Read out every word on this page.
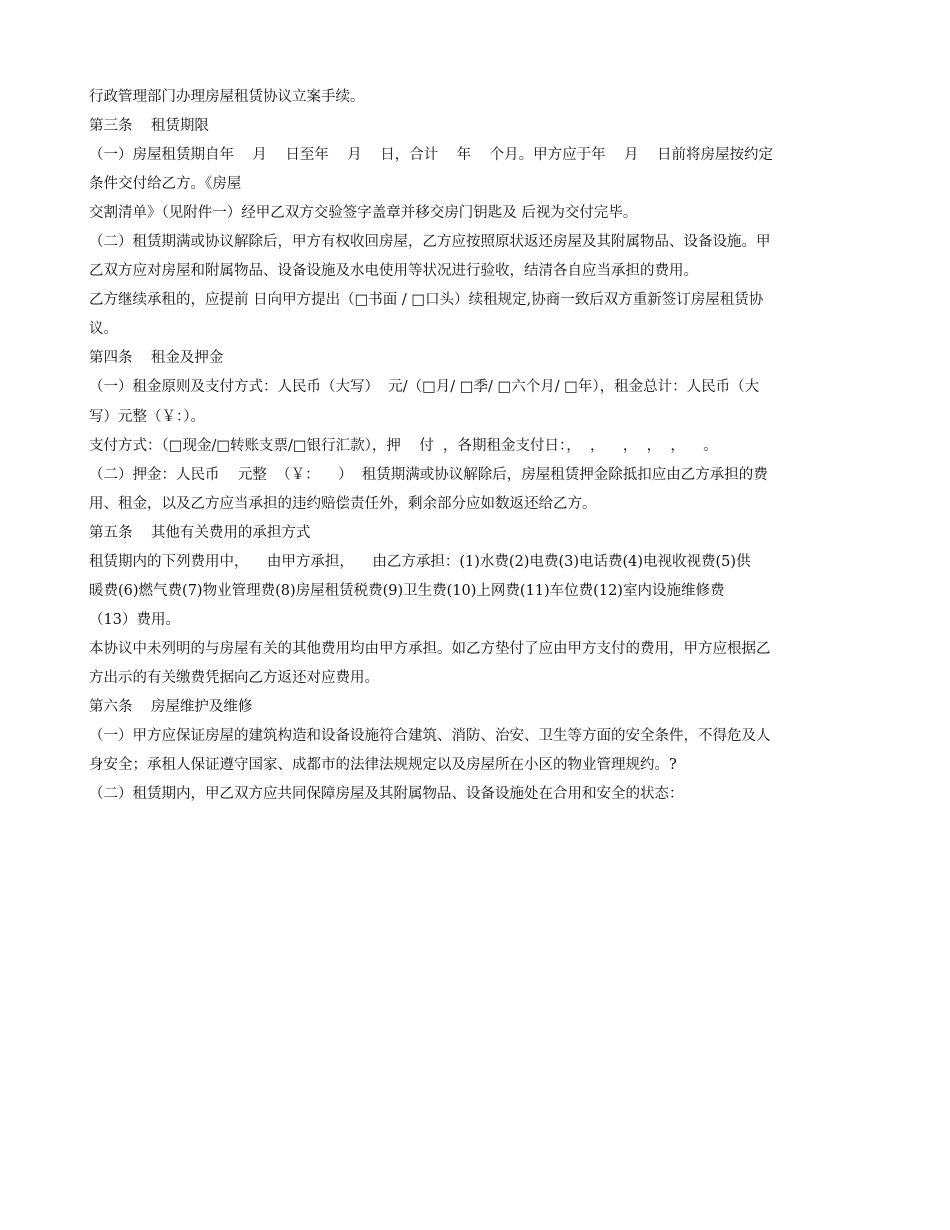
行政管理部门办理房屋租赁协议立案手续。
第三条    租赁期限
（一）房屋租赁期自年    月    日至年    月    日，合计    年    个月。甲方应于年    月    日前将房屋按约定
条件交付给乙方。《房屋
交割清单》（见附件一）经甲乙双方交验签字盖章并移交房门钥匙及 后视为交付完毕。
（二）租赁期满或协议解除后，甲方有权收回房屋，乙方应按照原状返还房屋及其附属物品、设备设施。甲
乙双方应对房屋和附属物品、设备设施及水电使用等状况进行验收，结清各自应当承担的费用。
乙方继续承租的，应提前 日向甲方提出（□书面 / □口头）续租规定,协商一致后双方重新签订房屋租赁协
议。
第四条    租金及押金
（一）租金原则及支付方式：人民币（大写）  元/（□月/ □季/ □六个月/ □年），租金总计：人民币（大
写）元整（￥：）。
支付方式：（□现金/□转账支票/□银行汇款），押    付  ，各期租金支付日：，  ，    ，  ，  ，    。
（二）押金：人民币    元整  （￥：    ）  租赁期满或协议解除后，房屋租赁押金除抵扣应由乙方承担的费
用、租金，以及乙方应当承担的违约赔偿责任外，剩余部分应如数返还给乙方。
第五条    其他有关费用的承担方式
租赁期内的下列费用中，    由甲方承担，    由乙方承担：(1)水费(2)电费(3)电话费(4)电视收视费(5)供
暖费(6)燃气费(7)物业管理费(8)房屋租赁税费(9)卫生费(10)上网费(11)车位费(12)室内设施维修费
（13）费用。
本协议中未列明的与房屋有关的其他费用均由甲方承担。如乙方垫付了应由甲方支付的费用，甲方应根据乙
方出示的有关缴费凭据向乙方返还对应费用。
第六条    房屋维护及维修
（一）甲方应保证房屋的建筑构造和设备设施符合建筑、消防、治安、卫生等方面的安全条件，不得危及人
身安全；承租人保证遵守国家、成都市的法律法规规定以及房屋所在小区的物业管理规约。?
（二）租赁期内，甲乙双方应共同保障房屋及其附属物品、设备设施处在合用和安全的状态：
